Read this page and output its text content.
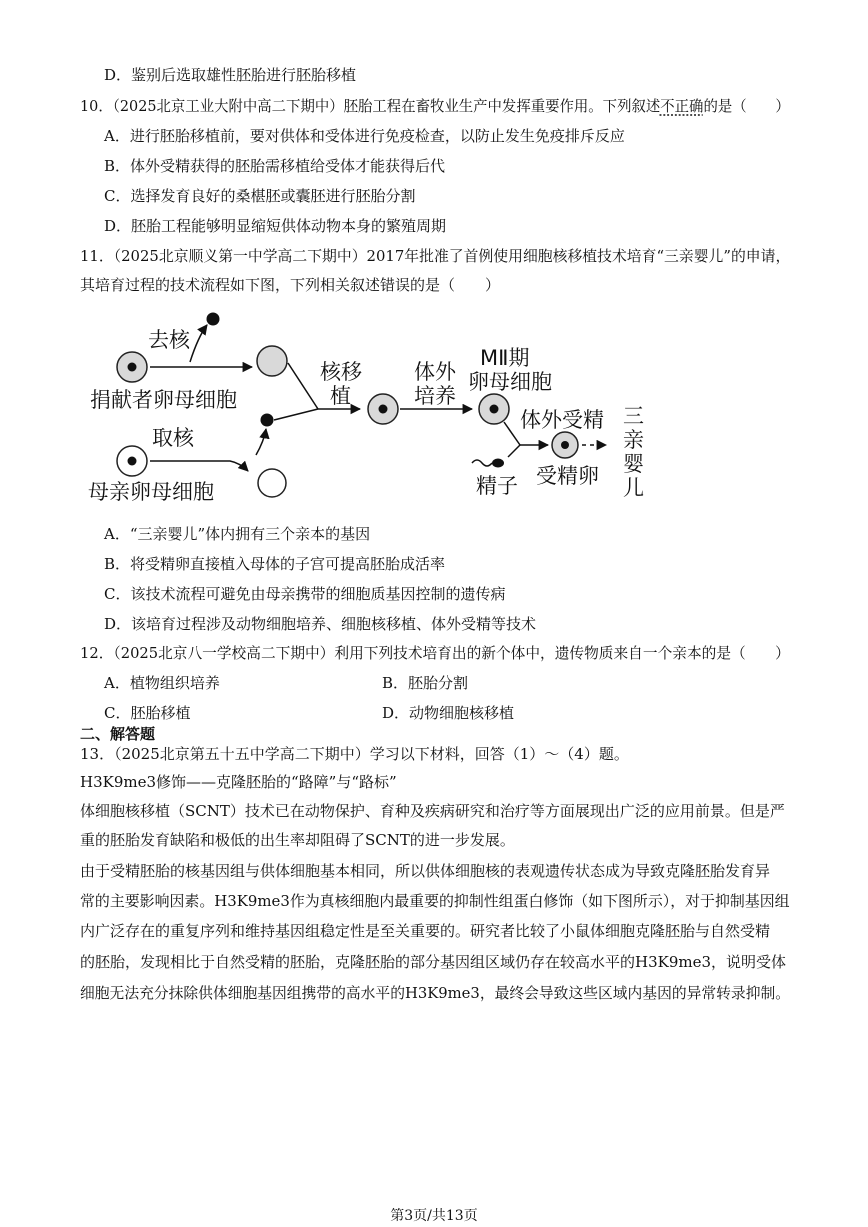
D．鉴别后选取雄性胚胎进行胚胎移植
10．（2025北京工业大附中高二下期中）胚胎工程在畜牧业生产中发挥重要作用。下列叙述不正确的是（　　）
A．进行胚胎移植前，要对供体和受体进行免疫检查，以防止发生免疫排斥反应
B．体外受精获得的胚胎需移植给受体才能获得后代
C．选择发育良好的桑椹胚或囊胚进行胚胎分割
D．胚胎工程能够明显缩短供体动物本身的繁殖周期
11．（2025北京顺义第一中学高二下期中）2017年批准了首例使用细胞核移植技术培育“三亲婴儿”的申请，
其培育过程的技术流程如下图，下列相关叙述错误的是（　　）
去核
捐献者卵母细胞
取核
母亲卵母细胞
核移
植
体外
培养
MⅡ期
卵母细胞
体外受精
精子 受精卵
三 亲 婴 儿
A．“三亲婴儿”体内拥有三个亲本的基因
B．将受精卵直接植入母体的子宫可提高胚胎成活率
C．该技术流程可避免由母亲携带的细胞质基因控制的遗传病
D．该培育过程涉及动物细胞培养、细胞核移植、体外受精等技术
12．（2025北京八一学校高二下期中）利用下列技术培育出的新个体中，遗传物质来自一个亲本的是（　　）
A．植物组织培养	B．胚胎分割
C．胚胎移植	D．动物细胞核移植
二、解答题
13．（2025北京第五十五中学高二下期中）学习以下材料，回答（1）～（4）题。
H3K9me3修饰——克隆胚胎的“路障”与“路标”
体细胞核移植（SCNT）技术已在动物保护、育种及疾病研究和治疗等方面展现出广泛的应用前景。但是严
重的胚胎发育缺陷和极低的出生率却阻碍了SCNT的进一步发展。
由于受精胚胎的核基因组与供体细胞基本相同，所以供体细胞核的表观遗传状态成为导致克隆胚胎发育异
常的主要影响因素。H3K9me3作为真核细胞内最重要的抑制性组蛋白修饰（如下图所示），对于抑制基因组
内广泛存在的重复序列和维持基因组稳定性是至关重要的。研究者比较了小鼠体细胞克隆胚胎与自然受精
的胚胎，发现相比于自然受精的胚胎，克隆胚胎的部分基因组区域仍存在较高水平的H3K9me3，说明受体
细胞无法充分抹除供体细胞基因组携带的高水平的H3K9me3，最终会导致这些区域内基因的异常转录抑制。
第3页/共13页
